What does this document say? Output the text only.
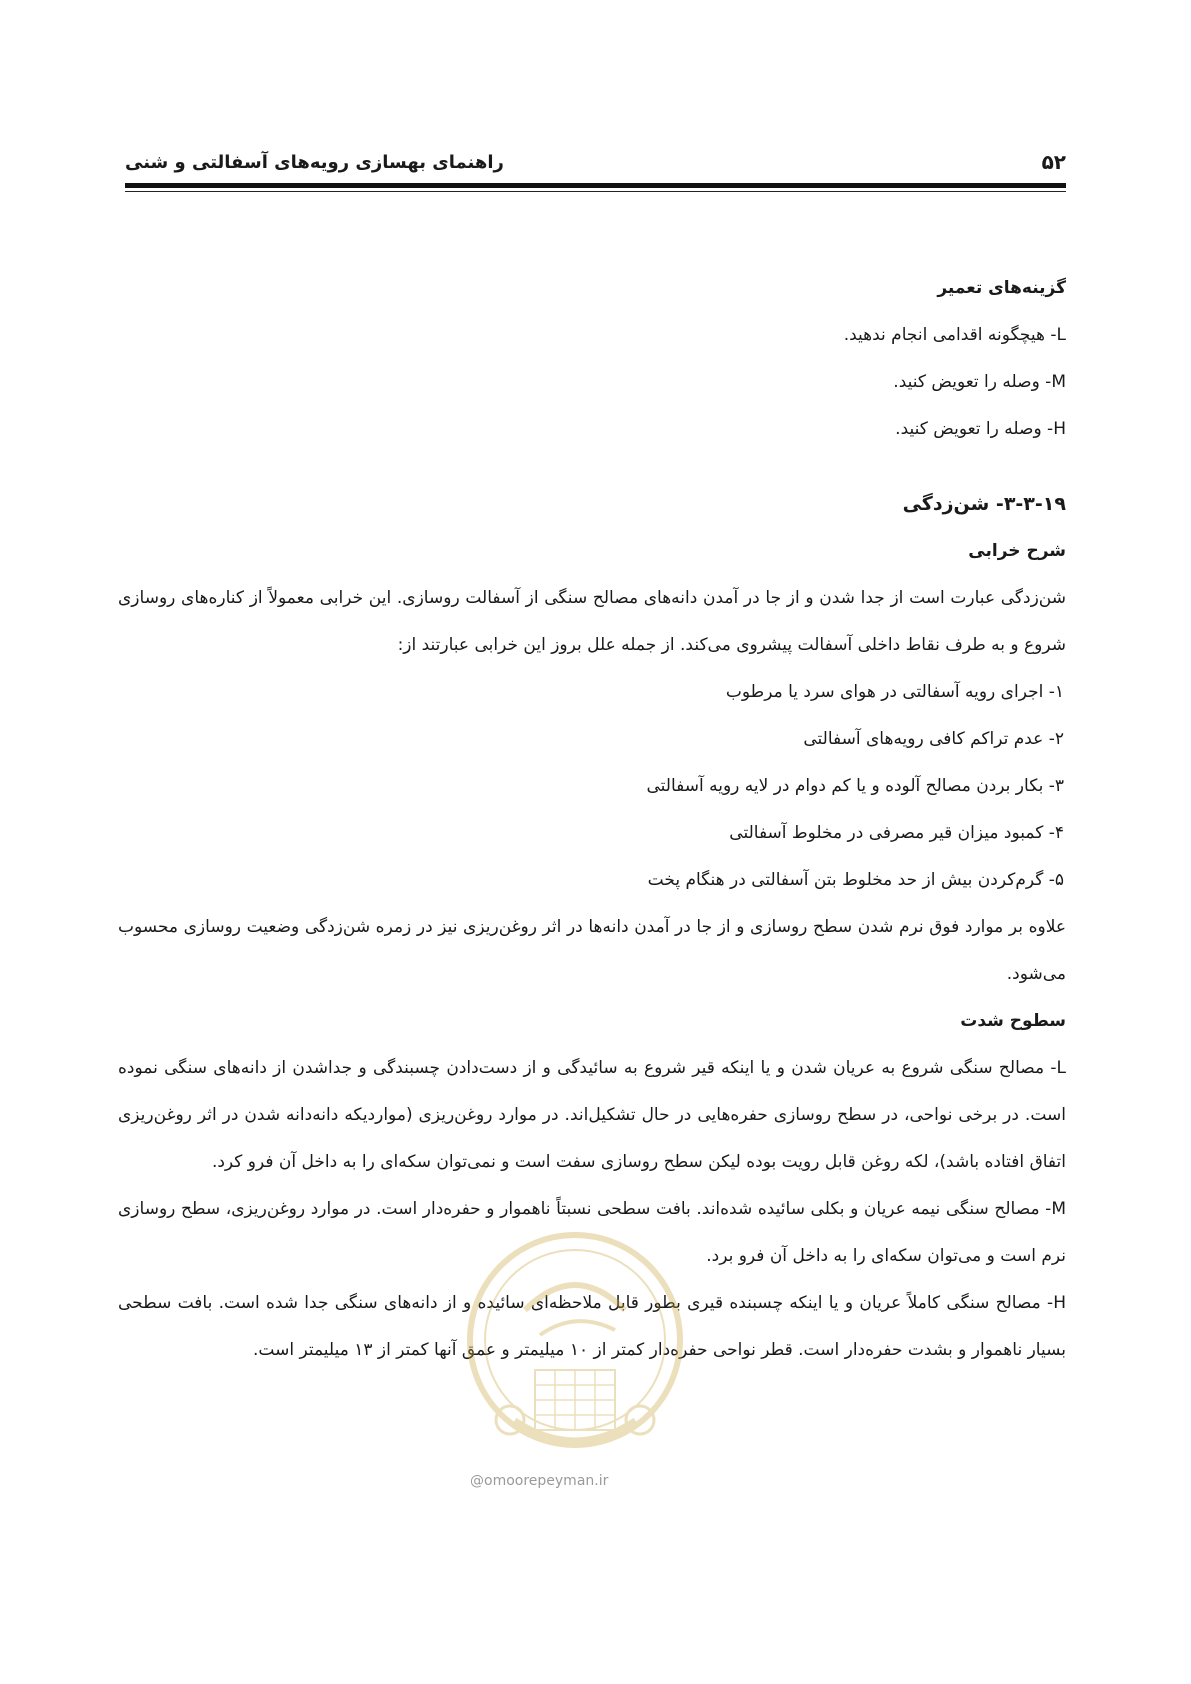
۵۲
راهنمای بهسازی رویه‌های آسفالتی و شنی

گزینه‌های تعمیر

L- هیچگونه اقدامی انجام ندهید.

M- وصله را تعویض کنید.

H- وصله را تعویض کنید.

۳-۳-۱۹- شن‌زدگی

شرح خرابی

شن‌زدگی عبارت است از جدا شدن و از جا در آمدن دانه‌های مصالح سنگی از آسفالت روسازی. این خرابی معمولاً از کناره‌های روسازی شروع و به طرف نقاط داخلی آسفالت پیشروی می‌کند. از جمله علل بروز این خرابی عبارتند از:

۱- اجرای رویه آسفالتی در هوای سرد یا مرطوب
۲- عدم تراکم کافی رویه‌های آسفالتی
۳- بکار بردن مصالح آلوده و یا کم دوام در لایه رویه آسفالتی
۴- کمبود میزان قیر مصرفی در مخلوط آسفالتی
۵- گرم‌کردن بیش از حد مخلوط بتن آسفالتی در هنگام پخت

علاوه بر موارد فوق نرم شدن سطح روسازی و از جا در آمدن دانه‌ها در اثر روغن‌ریزی نیز در زمره شن‌زدگی وضعیت روسازی محسوب می‌شود.

سطوح شدت

L- مصالح سنگی شروع به عریان شدن و یا اینکه قیر شروع به سائیدگی و از دست‌دادن چسبندگی و جداشدن از دانه‌های سنگی نموده است. در برخی نواحی، در سطح روسازی حفره‌هایی در حال تشکیل‌اند. در موارد روغن‌ریزی (مواردیکه دانه‌دانه شدن در اثر روغن‌ریزی اتفاق افتاده باشد)، لکه روغن قابل رویت بوده لیکن سطح روسازی سفت است و نمی‌توان سکه‌ای را به داخل آن فرو کرد.

M- مصالح سنگی نیمه عریان و بکلی سائیده شده‌اند. بافت سطحی نسبتاً ناهموار و حفره‌دار است. در موارد روغن‌ریزی، سطح روسازی نرم است و می‌توان سکه‌ای را به داخل آن فرو برد.

H- مصالح سنگی کاملاً عریان و یا اینکه چسبنده قیری بطور قابل ملاحظه‌ای سائیده و از دانه‌های سنگی جدا شده است. بافت سطحی بسیار ناهموار و بشدت حفره‌دار است. قطر نواحی حفره‌دار کمتر از ۱۰ میلیمتر و عمق آنها کمتر از ۱۳ میلیمتر است.

@omoorepeyman.ir
